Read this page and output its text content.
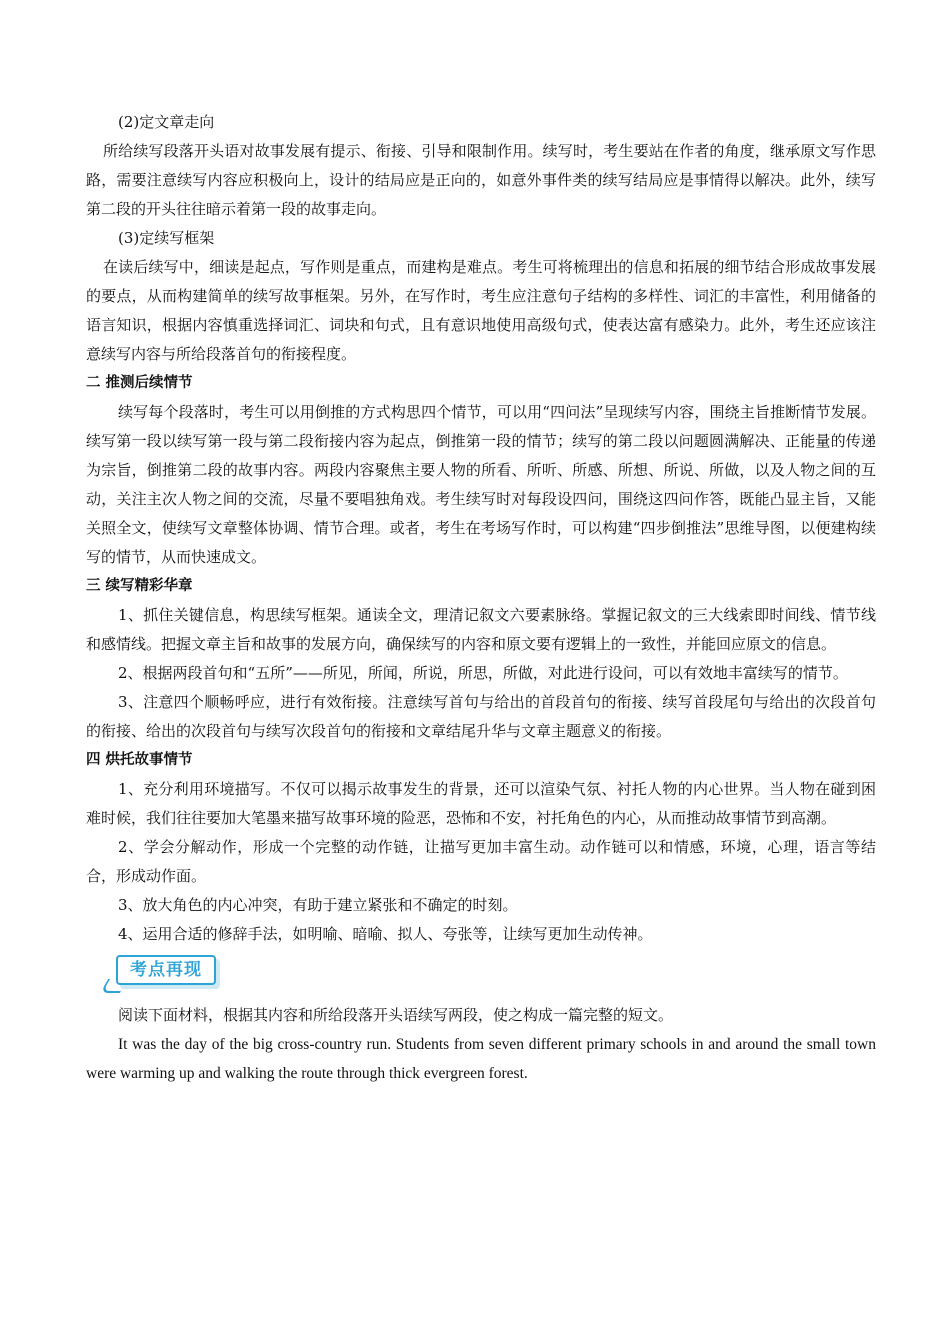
(2)定文章走向

所给续写段落开头语对故事发展有提示、衔接、引导和限制作用。续写时，考生要站在作者的角度，继承原文写作思路，需要注意续写内容应积极向上，设计的结局应是正向的，如意外事件类的续写结局应是事情得以解决。此外，续写第二段的开头往往暗示着第一段的故事走向。

(3)定续写框架

在读后续写中，细读是起点，写作则是重点，而建构是难点。考生可将梳理出的信息和拓展的细节结合形成故事发展的要点，从而构建简单的续写故事框架。另外，在写作时，考生应注意句子结构的多样性、词汇的丰富性，利用储备的语言知识，根据内容慎重选择词汇、词块和句式，且有意识地使用高级句式，使表达富有感染力。此外，考生还应该注意续写内容与所给段落首句的衔接程度。

二 推测后续情节

续写每个段落时，考生可以用倒推的方式构思四个情节，可以用“四问法”呈现续写内容，围绕主旨推断情节发展。续写第一段以续写第一段与第二段衔接内容为起点，倒推第一段的情节；续写的第二段以问题圆满解决、正能量的传递为宗旨，倒推第二段的故事内容。两段内容聚焦主要人物的所看、所听、所感、所想、所说、所做，以及人物之间的互动，关注主次人物之间的交流，尽量不要唱独角戏。考生续写时对每段设四问，围绕这四问作答，既能凸显主旨，又能关照全文，使续写文章整体协调、情节合理。或者，考生在考场写作时，可以构建“四步倒推法”思维导图，以便建构续写的情节，从而快速成文。

三 续写精彩华章

1、抓住关键信息，构思续写框架。通读全文，理清记叙文六要素脉络。掌握记叙文的三大线索即时间线、情节线和感情线。把握文章主旨和故事的发展方向，确保续写的内容和原文要有逻辑上的一致性，并能回应原文的信息。

2、根据两段首句和“五所”——所见，所闻，所说，所思，所做，对此进行设问，可以有效地丰富续写的情节。

3、注意四个顺畅呼应，进行有效衔接。注意续写首句与给出的首段首句的衔接、续写首段尾句与给出的次段首句的衔接、给出的次段首句与续写次段首句的衔接和文章结尾升华与文章主题意义的衔接。

四 烘托故事情节

1、充分利用环境描写。不仅可以揭示故事发生的背景，还可以渲染气氛、衬托人物的内心世界。当人物在碰到困难时候，我们往往要加大笔墨来描写故事环境的险恶，恐怖和不安，衬托角色的内心，从而推动故事情节到高潮。

2、学会分解动作，形成一个完整的动作链，让描写更加丰富生动。动作链可以和情感，环境，心理，语言等结合，形成动作面。

3、放大角色的内心冲突，有助于建立紧张和不确定的时刻。

4、运用合适的修辞手法，如明喻、暗喻、拟人、夸张等，让续写更加生动传神。

考点再现

阅读下面材料，根据其内容和所给段落开头语续写两段，使之构成一篇完整的短文。

It was the day of the big cross-country run. Students from seven different primary schools in and around the small town were warming up and walking the route through thick evergreen forest.
